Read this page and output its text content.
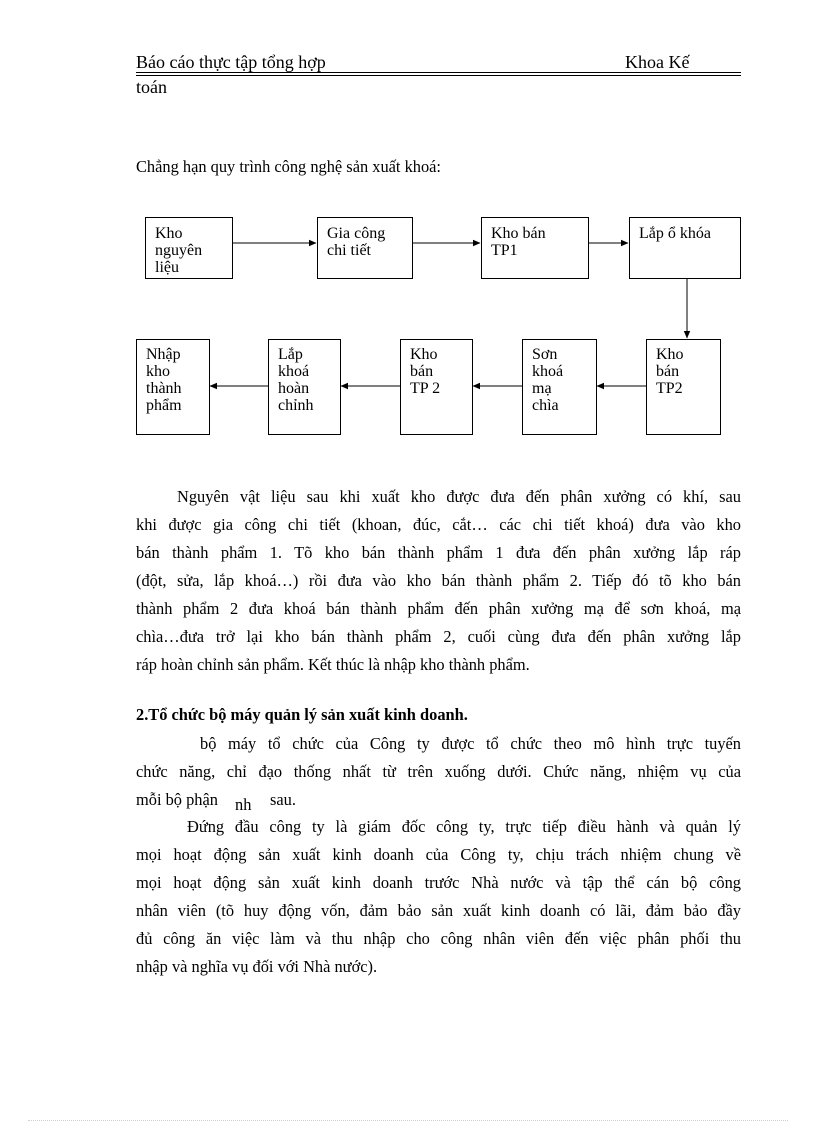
Báo cáo thực tập tổng hợp	Khoa Kế
toán
Chẳng hạn quy trình công nghệ sản xuất khoá:
Kho nguyên
liệu
Gia công
chi tiết
Kho bán
TP1
Lắp ổ khóa
Kho
bán
TP2
Sơn
khoá
mạ
chìa
Kho
bán
TP 2
Lắp
khoá
hoàn
chỉnh
Nhập
kho
thành
phẩm
Nguyên vật liệu sau khi xuất kho được đưa đến phân xưởng có khí, sau
khi được gia công chi tiết (khoan, đúc, cắt… các chi tiết khoá) đưa vào kho
bán thành phẩm 1. Tõ kho bán thành phẩm 1 đưa đến phân xưởng lắp ráp
(đột, sửa, lắp khoá…) rồi đưa vào kho bán thành phẩm 2. Tiếp đó tõ kho bán
thành phẩm 2 đưa khoá bán thành phẩm đến phân xưởng mạ để sơn khoá, mạ
chìa…đưa trở lại kho bán thành phẩm 2, cuối cùng đưa đến phân xưởng lắp
ráp hoàn chỉnh sản phẩm. Kết thúc là nhập kho thành phẩm.
2.Tổ chức bộ máy quản lý sản xuất kinh doanh.
bộ máy tổ chức của Công ty được tổ chức theo mô hình trực tuyến
chức năng, chỉ đạo thống nhất từ trên xuống dưới. Chức năng, nhiệm vụ của
mỗi bộ phận nh sau.
Đứng đầu công ty là giám đốc công ty, trực tiếp điều hành và quản lý
mọi hoạt động sản xuất kinh doanh của Công ty, chịu trách nhiệm chung về
mọi hoạt động sản xuất kinh doanh trước Nhà nước và tập thể cán bộ công
nhân viên (tõ huy động vốn, đảm bảo sản xuất kinh doanh có lãi, đảm bảo đầy
đủ công ăn việc làm và thu nhập cho công nhân viên đến việc phân phối thu
nhập và nghĩa vụ đối với Nhà nước).
